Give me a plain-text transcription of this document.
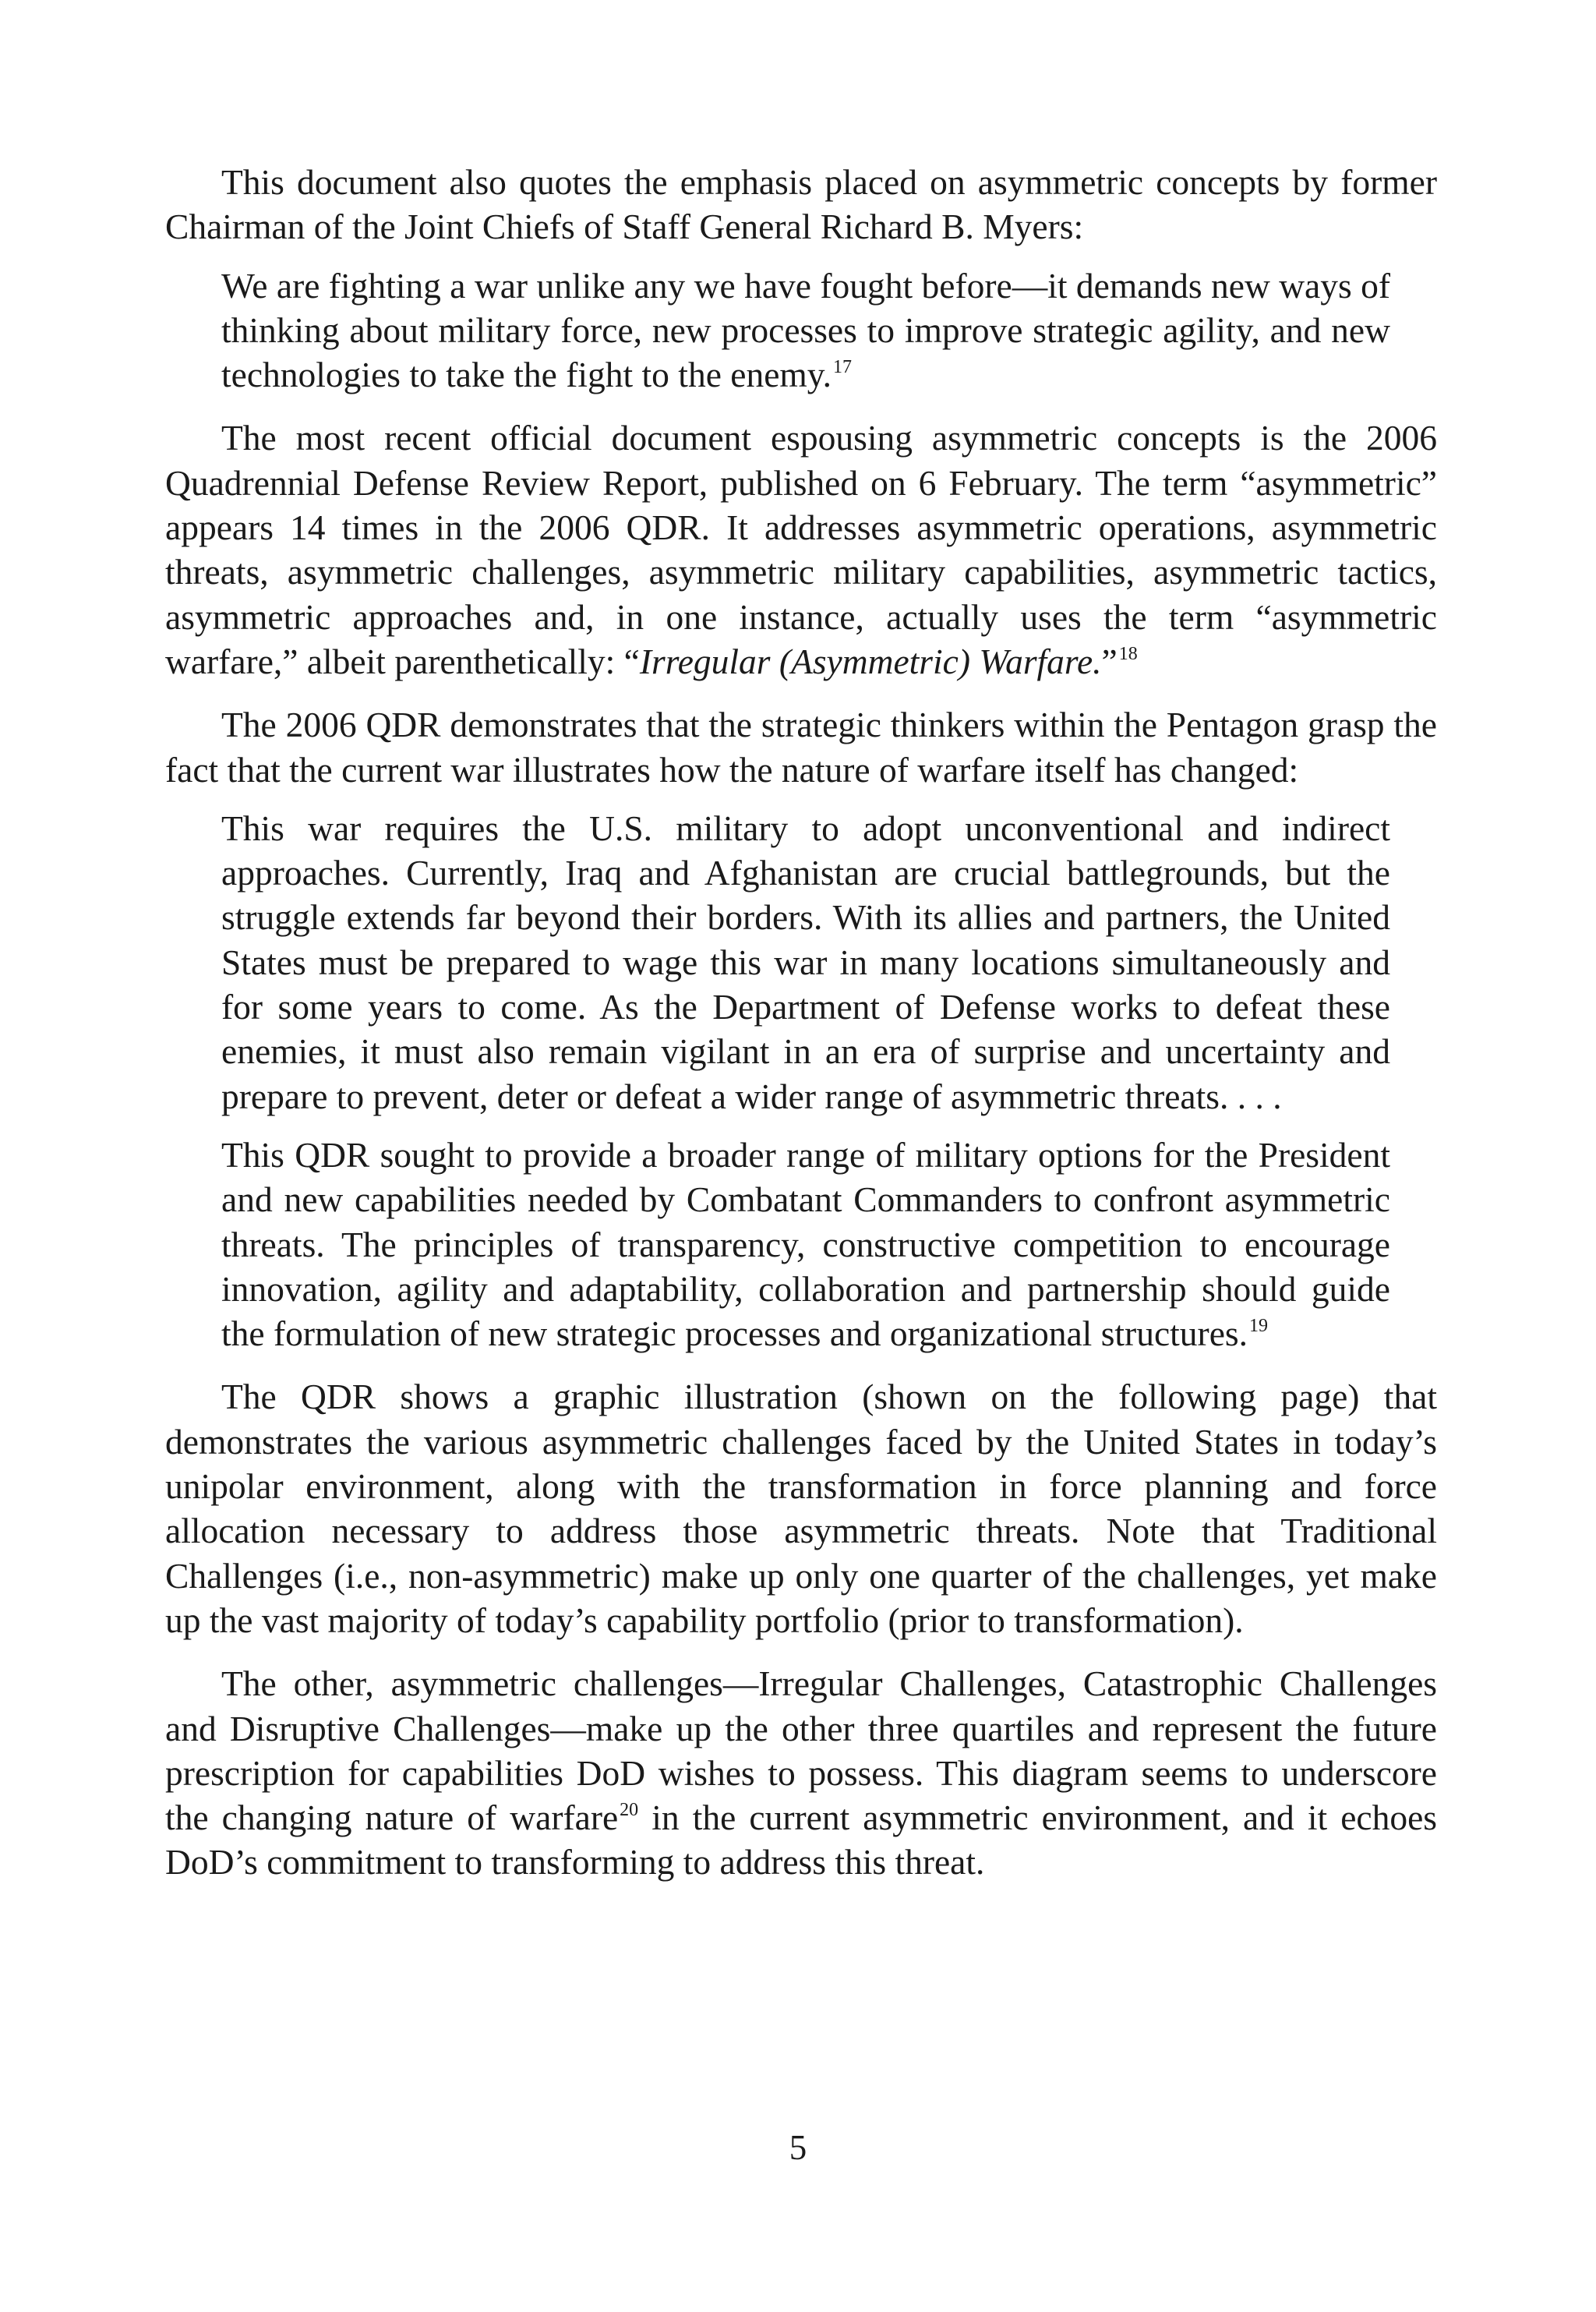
This document also quotes the emphasis placed on asymmetric concepts by former Chairman of the Joint Chiefs of Staff General Richard B. Myers:

We are fighting a war unlike any we have fought before—it demands new ways of thinking about military force, new processes to improve strategic agility, and new technologies to take the fight to the enemy.$^{17}$

The most recent official document espousing asymmetric concepts is the 2006 Quadrennial Defense Review Report, published on 6 February. The term “asymmetric” appears 14 times in the 2006 QDR. It addresses asymmetric operations, asymmetric threats, asymmetric challenges, asymmetric military capabilities, asymmetric tactics, asymmetric approaches and, in one instance, actually uses the term “asymmetric warfare,” albeit parenthetically: “Irregular (Asymmetric) Warfare.”$^{18}$

The 2006 QDR demonstrates that the strategic thinkers within the Pentagon grasp the fact that the current war illustrates how the nature of warfare itself has changed:

This war requires the U.S. military to adopt unconventional and indirect approaches. Currently, Iraq and Afghanistan are crucial battlegrounds, but the struggle extends far beyond their borders. With its allies and partners, the United States must be prepared to wage this war in many locations simultaneously and for some years to come. As the Department of Defense works to defeat these enemies, it must also remain vigilant in an era of surprise and uncertainty and prepare to prevent, deter or defeat a wider range of asymmetric threats. . . .

This QDR sought to provide a broader range of military options for the President and new capabilities needed by Combatant Commanders to confront asymmetric threats. The principles of transparency, constructive competition to encourage innovation, agility and adaptability, collaboration and partnership should guide the formulation of new strategic processes and organizational structures.$^{19}$

The QDR shows a graphic illustration (shown on the following page) that demonstrates the various asymmetric challenges faced by the United States in today’s unipolar environment, along with the transformation in force planning and force allocation necessary to address those asymmetric threats. Note that Traditional Challenges (i.e., non-asymmetric) make up only one quarter of the challenges, yet make up the vast majority of today’s capability portfolio (prior to transformation).

The other, asymmetric challenges—Irregular Challenges, Catastrophic Challenges and Disruptive Challenges—make up the other three quartiles and represent the future prescription for capabilities DoD wishes to possess. This diagram seems to underscore the changing nature of warfare$^{20}$ in the current asymmetric environment, and it echoes DoD’s commitment to transforming to address this threat.

5
